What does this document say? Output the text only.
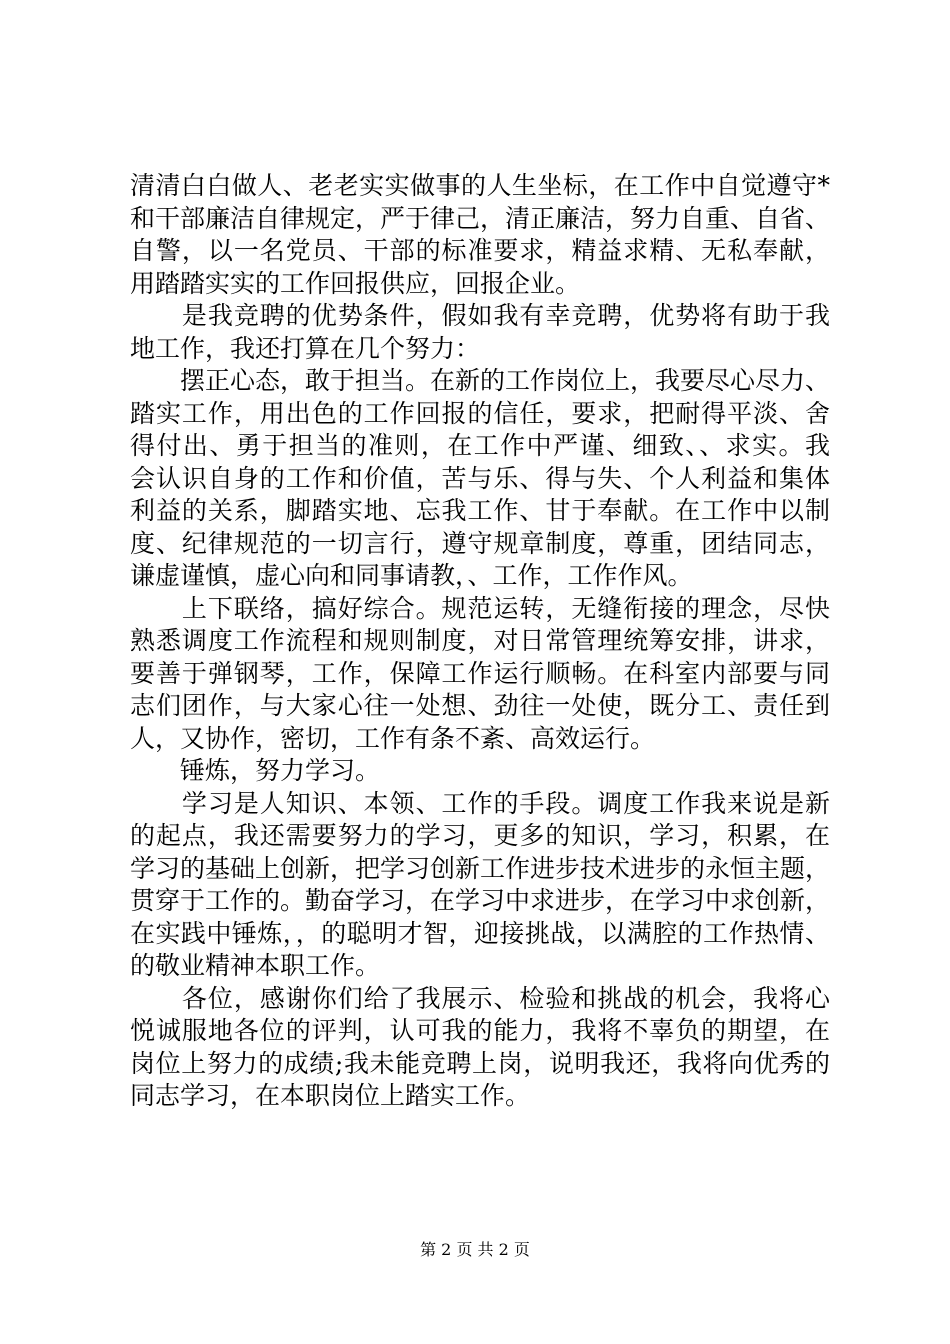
清清白白做人、老老实实做事的人生坐标，在工作中自觉遵守*
和干部廉洁自律规定，严于律己，清正廉洁，努力自重、自省、
自警，以一名党员、干部的标准要求，精益求精、无私奉献，
用踏踏实实的工作回报供应，回报企业。
　　是我竞聘的优势条件，假如我有幸竞聘，优势将有助于我
地工作，我还打算在几个努力：
　　摆正心态，敢于担当。在新的工作岗位上，我要尽心尽力、
踏实工作，用出色的工作回报的信任，要求，把耐得平淡、舍
得付出、勇于担当的准则，在工作中严谨、细致、、求实。我
会认识自身的工作和价值，苦与乐、得与失、个人利益和集体
利益的关系，脚踏实地、忘我工作、甘于奉献。在工作中以制
度、纪律规范的一切言行，遵守规章制度，尊重，团结同志，
谦虚谨慎，虚心向和同事请教，、工作，工作作风。
　　上下联络，搞好综合。规范运转，无缝衔接的理念，尽快
熟悉调度工作流程和规则制度，对日常管理统筹安排，讲求，
要善于弹钢琴，工作，保障工作运行顺畅。在科室内部要与同
志们团作，与大家心往一处想、劲往一处使，既分工、责任到
人，又协作，密切，工作有条不紊、高效运行。
　　锤炼，努力学习。
　　学习是人知识、本领、工作的手段。调度工作我来说是新
的起点，我还需要努力的学习，更多的知识，学习，积累，在
学习的基础上创新，把学习创新工作进步技术进步的永恒主题，
贯穿于工作的。勤奋学习，在学习中求进步，在学习中求创新，
在实践中锤炼，，的聪明才智，迎接挑战，以满腔的工作热情、
的敬业精神本职工作。
　　各位，感谢你们给了我展示、检验和挑战的机会，我将心
悦诚服地各位的评判，认可我的能力，我将不辜负的期望，在
岗位上努力的成绩;我未能竞聘上岗，说明我还，我将向优秀的
同志学习，在本职岗位上踏实工作。
第 2 页 共 2 页
